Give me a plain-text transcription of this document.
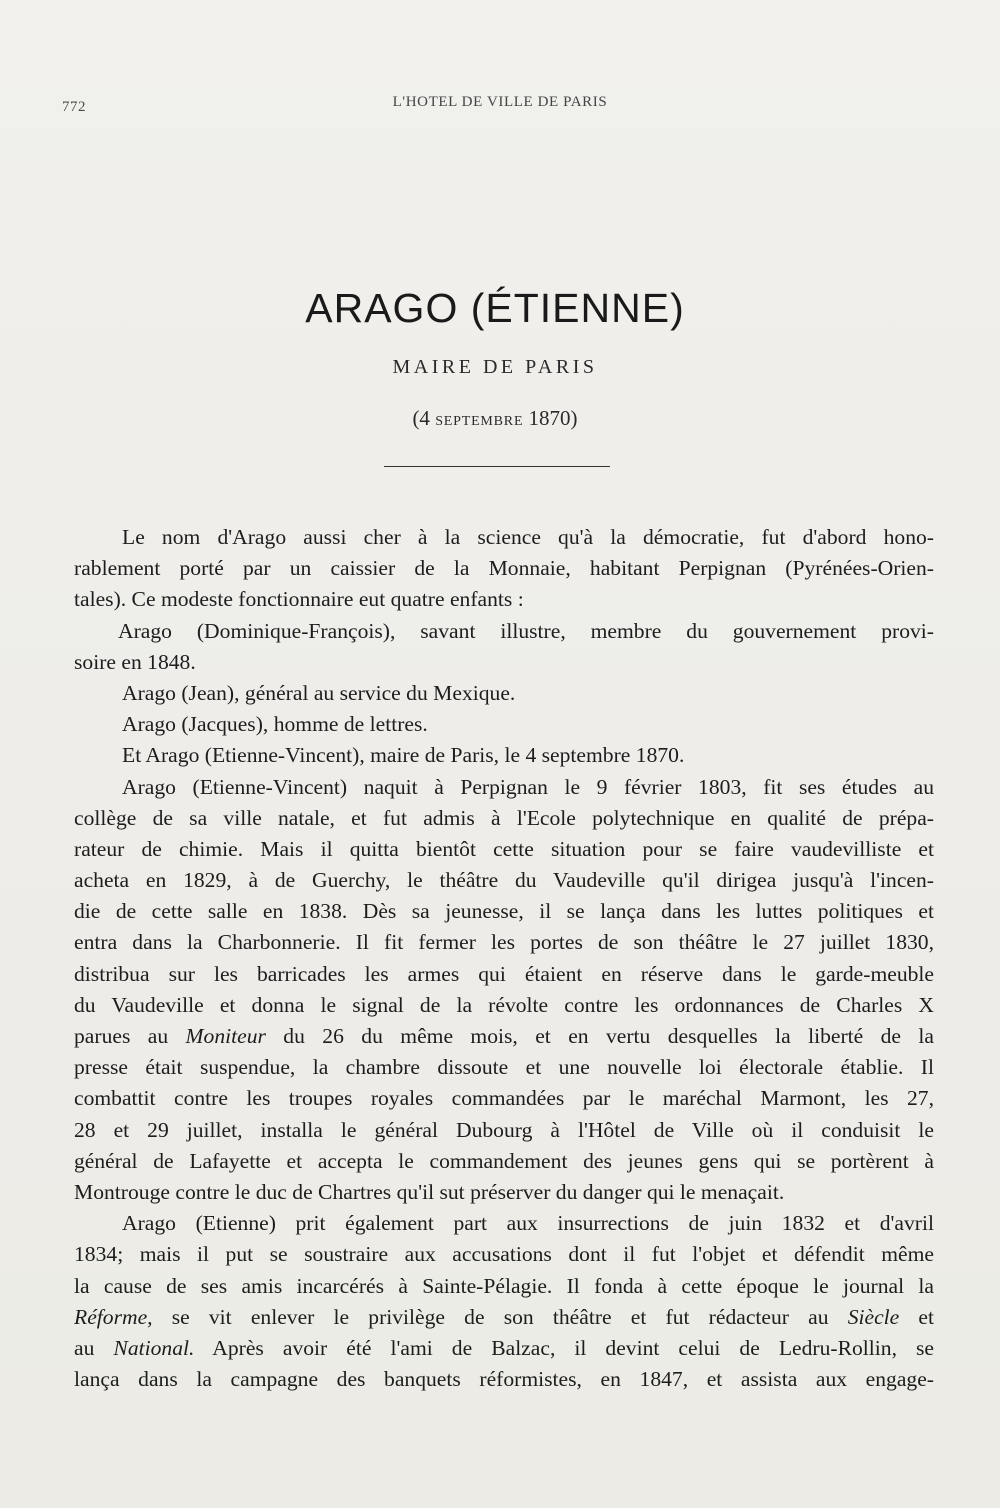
772	L'HOTEL DE VILLE DE PARIS
ARAGO (ÉTIENNE)
MAIRE DE PARIS
(4 SEPTEMBRE 1870)
Le nom d'Arago aussi cher à la science qu'à la démocratie, fut d'abord hono-
rablement porté par un caissier de la Monnaie, habitant Perpignan (Pyrénées-Orien-
tales). Ce modeste fonctionnaire eut quatre enfants :
Arago (Dominique-François), savant illustre, membre du gouvernement provi-
soire en 1848.
Arago (Jean), général au service du Mexique.
Arago (Jacques), homme de lettres.
Et Arago (Etienne-Vincent), maire de Paris, le 4 septembre 1870.
Arago (Etienne-Vincent) naquit à Perpignan le 9 février 1803, fit ses études au
collège de sa ville natale, et fut admis à l'Ecole polytechnique en qualité de prépa-
rateur de chimie. Mais il quitta bientôt cette situation pour se faire vaudevilliste et
acheta en 1829, à de Guerchy, le théâtre du Vaudeville qu'il dirigea jusqu'à l'incen-
die de cette salle en 1838. Dès sa jeunesse, il se lança dans les luttes politiques et
entra dans la Charbonnerie. Il fit fermer les portes de son théâtre le 27 juillet 1830,
distribua sur les barricades les armes qui étaient en réserve dans le garde-meuble
du Vaudeville et donna le signal de la révolte contre les ordonnances de Charles X
parues au Moniteur du 26 du même mois, et en vertu desquelles la liberté de la
presse était suspendue, la chambre dissoute et une nouvelle loi électorale établie. Il
combattit contre les troupes royales commandées par le maréchal Marmont, les 27,
28 et 29 juillet, installa le général Dubourg à l'Hôtel de Ville où il conduisit le
général de Lafayette et accepta le commandement des jeunes gens qui se portèrent à
Montrouge contre le duc de Chartres qu'il sut préserver du danger qui le menaçait.
Arago (Etienne) prit également part aux insurrections de juin 1832 et d'avril
1834; mais il put se soustraire aux accusations dont il fut l'objet et défendit même
la cause de ses amis incarcérés à Sainte-Pélagie. Il fonda à cette époque le journal la
Réforme, se vit enlever le privilège de son théâtre et fut rédacteur au Siècle et
au National. Après avoir été l'ami de Balzac, il devint celui de Ledru-Rollin, se
lança dans la campagne des banquets réformistes, en 1847, et assista aux engage-
